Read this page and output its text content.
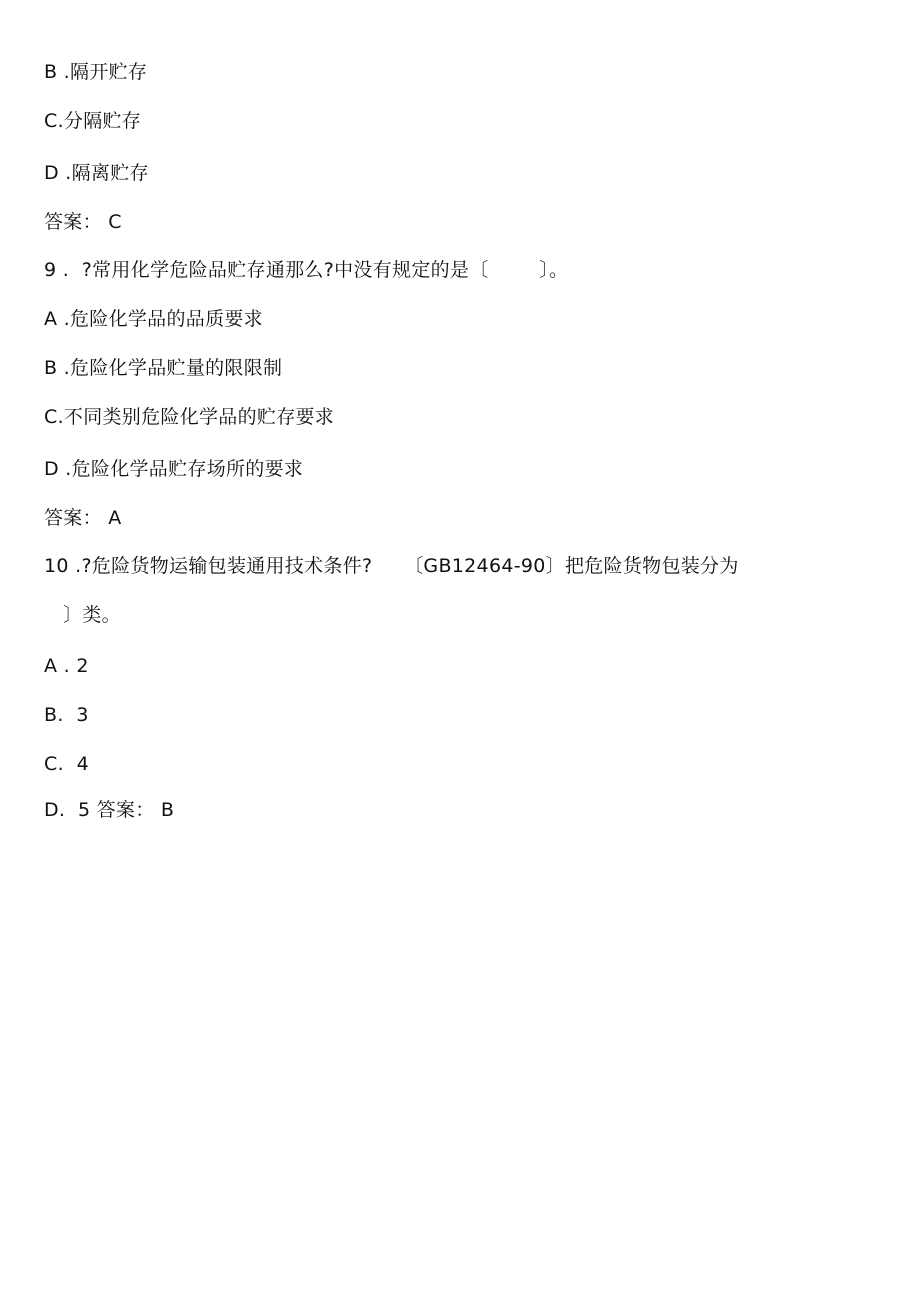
B .隔开贮存
C.分隔贮存
D .隔离贮存
答案： C
9 .  ?常用化学危险品贮存通那么?中没有规定的是〔        〕。
A .危险化学品的品质要求
B .危险化学品贮量的限限制
C.不同类别危险化学品的贮存要求
D .危险化学品贮存场所的要求
答案： A
10 .?危险货物运输包装通用技术条件?     〔GB12464-90〕把危险货物包装分为
〕类。
A . 2
B.  3
C.  4
D.  5 答案： B
